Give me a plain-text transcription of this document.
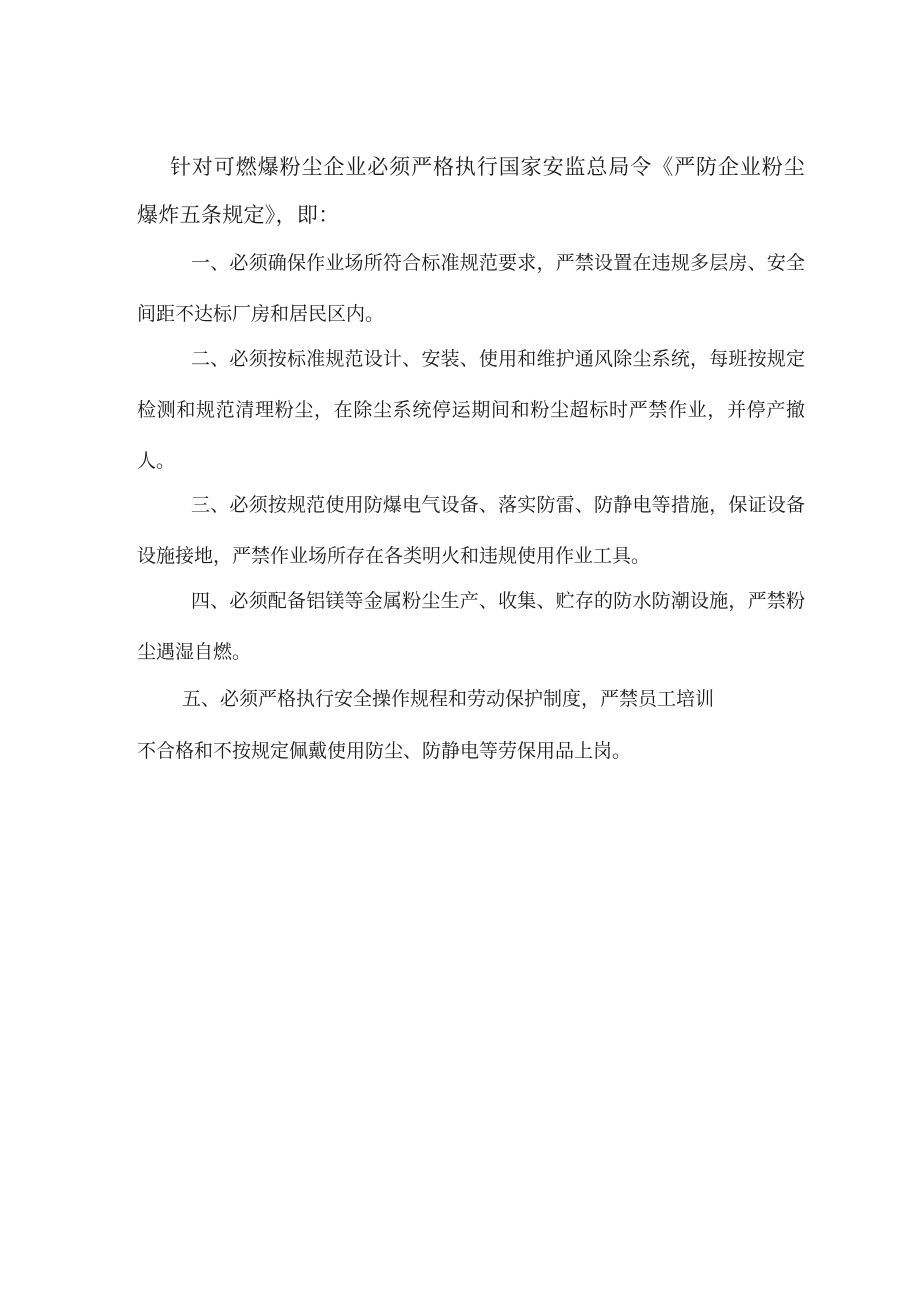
针对可燃爆粉尘企业必须严格执行国家安监总局令《严防企业粉尘爆炸五条规定》，即：

一、必须确保作业场所符合标准规范要求，严禁设置在违规多层房、安全间距不达标厂房和居民区内。

二、必须按标准规范设计、安装、使用和维护通风除尘系统，每班按规定检测和规范清理粉尘，在除尘系统停运期间和粉尘超标时严禁作业，并停产撤人。

三、必须按规范使用防爆电气设备、落实防雷、防静电等措施，保证设备设施接地，严禁作业场所存在各类明火和违规使用作业工具。

四、必须配备铝镁等金属粉尘生产、收集、贮存的防水防潮设施，严禁粉尘遇湿自燃。

五、必须严格执行安全操作规程和劳动保护制度，严禁员工培训

不合格和不按规定佩戴使用防尘、防静电等劳保用品上岗。
